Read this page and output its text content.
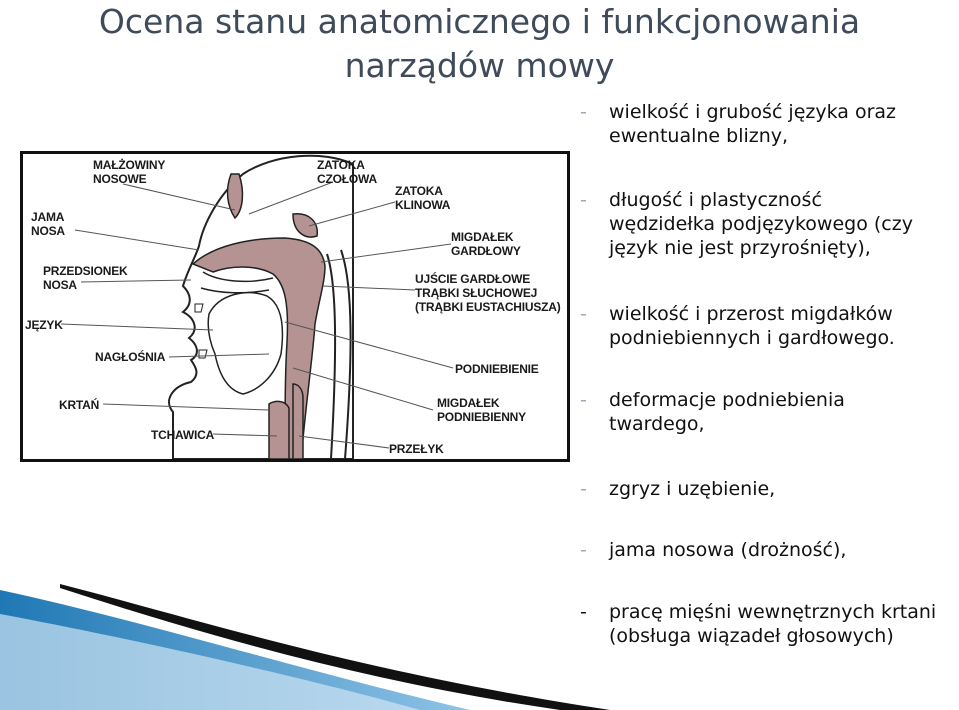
Ocena stanu anatomicznego i funkcjonowania
narządów mowy
MAŁŻOWINY
NOSOWE
ZATOKA
CZOŁOWA
ZATOKA
KLINOWA
JAMA
NOSA	MIGDAŁEK
GARDŁOWY
PRZEDSIONEK
NOSA	UJŚCIE GARDŁOWE
TRĄBKI SŁUCHOWEJ
(TRĄBKI EUSTACHIUSZA)
JĘZYK
NAGŁOŚNIA
PODNIEBIENIE
KRTAŃ	MIGDAŁEK
PODNIEBIENNY
TCHAWICA
PRZEŁYK
-	wielkość i grubość języka oraz
ewentualne blizny,
-	długość i plastyczność
wędzidełka podjęzykowego (czy
język nie jest przyrośnięty),
-	wielkość i przerost migdałków
podniebiennych i gardłowego.
-	deformacje podniebienia
twardego,
-	zgryz i uzębienie,
-	jama nosowa (drożność),
-	pracę mięśni wewnętrznych krtani
(obsługa wiązadeł głosowych)
